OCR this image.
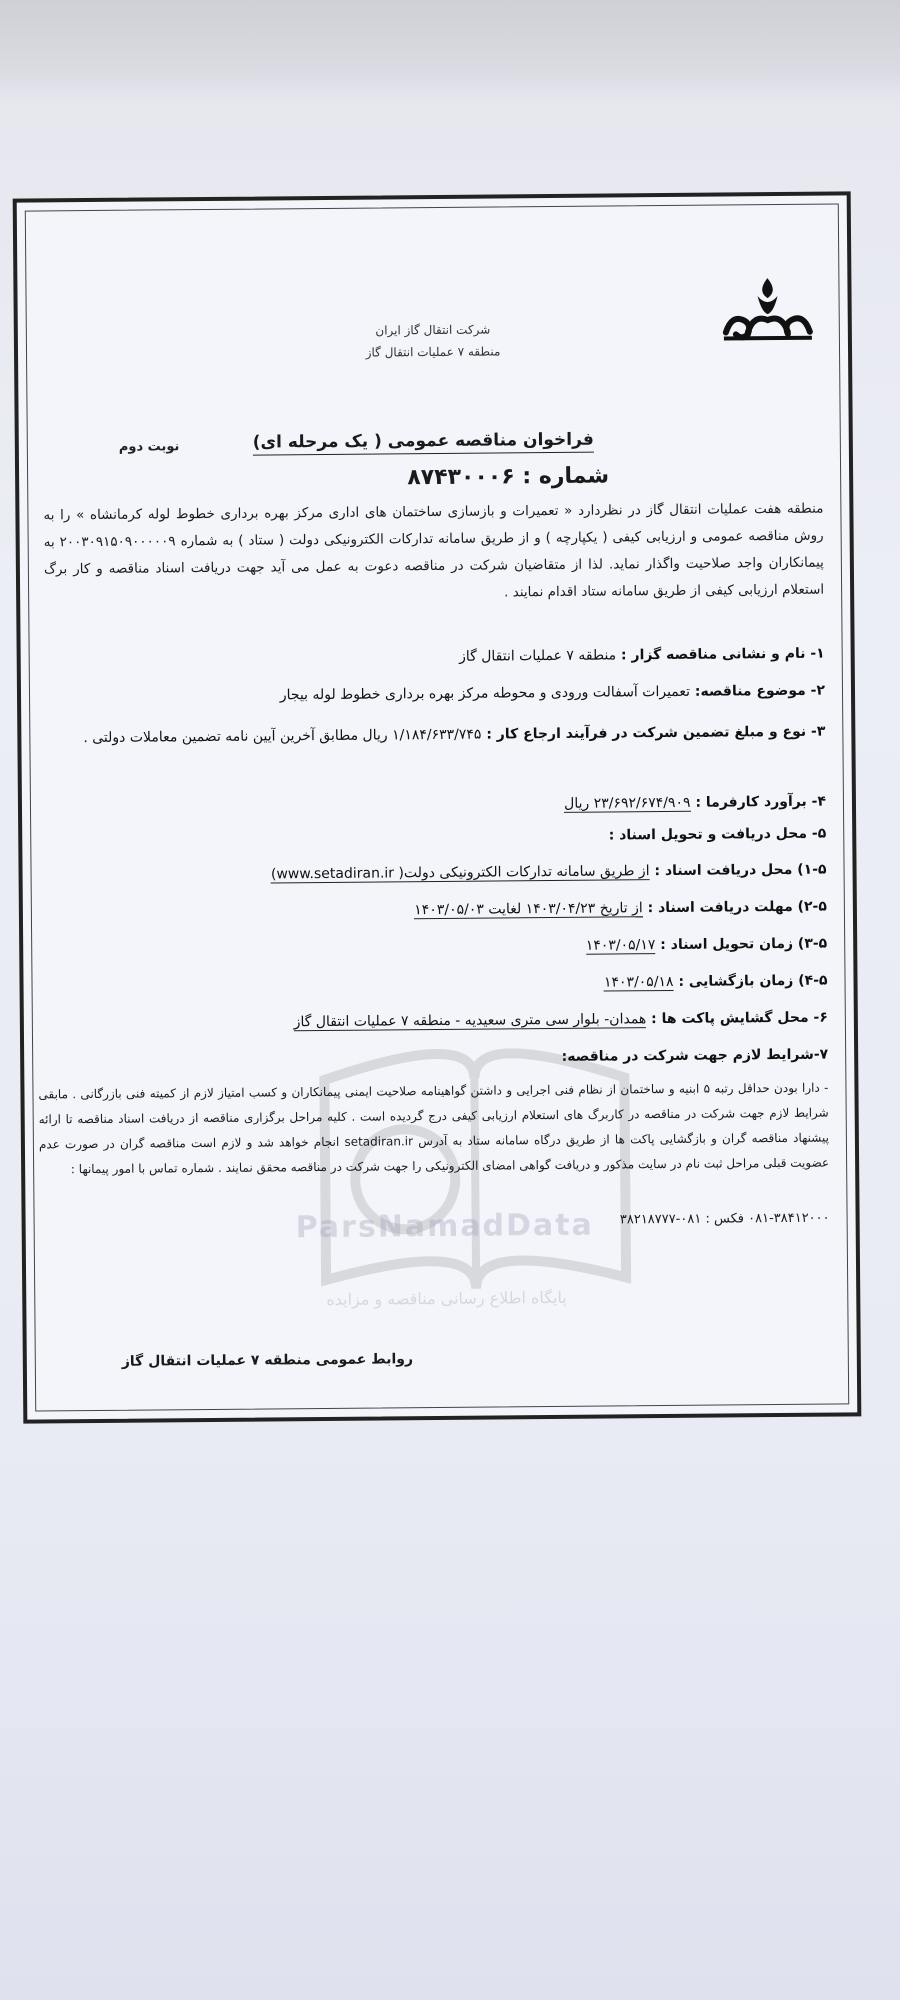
ParsNamadData
پایگاه اطلاع رسانی مناقصه و مزایده
شرکت انتقال گاز ایران
منطقه ۷ عملیات انتقال گاز
نوبت دوم	فراخوان مناقصه عمومی ( یک مرحله ای)
شماره : ۸۷۴۳۰۰۰۶
منطقه هفت عملیات انتقال گاز در نظردارد « تعمیرات و بازسازی ساختمان های اداری مرکز بهره برداری خطوط لوله کرمانشاه » را به روش مناقصه عمومی و ارزیابی کیفی ( یکپارچه ) و از طریق سامانه تدارکات الکترونیکی دولت ( ستاد ) به شماره ۲۰۰۳۰۹۱۵۰۹۰۰۰۰۰۹ به پیمانکاران واجد صلاحیت واگذار نماید. لذا از متقاضیان شرکت در مناقصه دعوت به عمل می آید جهت دریافت اسناد مناقصه و کار برگ استعلام ارزیابی کیفی از طریق سامانه ستاد اقدام نمایند .
۱- نام و نشانی مناقصه گزار : منطقه ۷ عملیات انتقال گاز
۲- موضوع مناقصه: تعمیرات آسفالت ورودی و محوطه مرکز بهره برداری خطوط لوله بیجار
۳- نوع و مبلغ تضمین شرکت در فرآیند ارجاع کار : ۱/۱۸۴/۶۳۳/۷۴۵ ریال مطابق آخرین آیین نامه تضمین معاملات دولتی .
۴- برآورد کارفرما : ۲۳/۶۹۲/۶۷۴/۹۰۹ ریال
۵- محل دریافت و تحویل اسناد :
۱-۵) محل دریافت اسناد : از طریق سامانه تدارکات الکترونیکی دولت( www.setadiran.ir)
۲-۵) مهلت دریافت اسناد : از تاریخ ۱۴۰۳/۰۴/۲۳ لغایت ۱۴۰۳/۰۵/۰۳
۳-۵) زمان تحویل اسناد : ۱۴۰۳/۰۵/۱۷
۴-۵) زمان بازگشایی : ۱۴۰۳/۰۵/۱۸
۶- محل گشایش پاکت ها : همدان- بلوار سی متری سعیدیه - منطقه ۷ عملیات انتقال گاز
۷-شرایط لازم جهت شرکت در مناقصه:
- دارا بودن حداقل رتبه ۵ ابنیه و ساختمان از نظام فنی اجرایی و داشتن گواهینامه صلاحیت ایمنی پیمانکاران و کسب امتیاز لازم از کمیته فنی بازرگانی . مابقی شرایط لازم جهت شرکت در مناقصه در کاربرگ های استعلام ارزیابی کیفی درج گردیده است . کلیه مراحل برگزاری مناقصه از دریافت اسناد مناقصه تا ارائه پیشنهاد مناقصه گران و بازگشایی پاکت ها از طریق درگاه سامانه ستاد به آدرس setadiran.ir انجام خواهد شد و لازم است مناقصه گران در صورت عدم عضویت قبلی مراحل ثبت نام در سایت مذکور و دریافت گواهی امضای الکترونیکی را جهت شرکت در مناقصه محقق نمایند . شماره تماس با امور پیمانها :
۰۸۱-۳۸۴۱۲۰۰۰ فکس : ۰۸۱-۳۸۲۱۸۷۷۷
روابط عمومی منطقه ۷ عملیات انتقال گاز
